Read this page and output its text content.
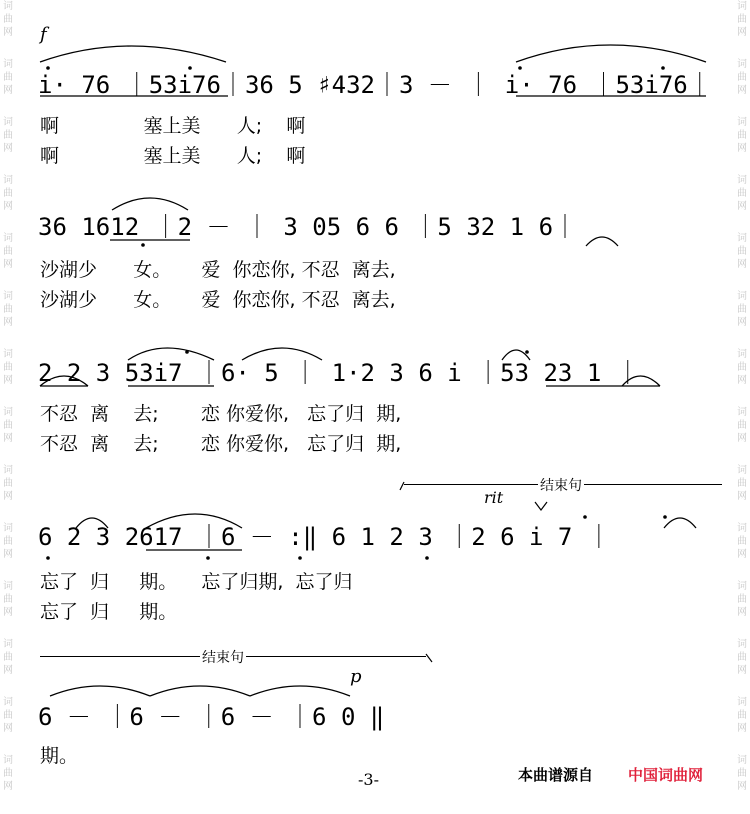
词
曲
网

词
曲
网

词
曲
网

词
曲
网

词
曲
网

词
曲
网

词
曲
网

词
曲
网

词
曲
网

词
曲
网

词
曲
网

词
曲
网

词
曲
网

词
曲
网

词
曲
网

词
曲
网

词
曲
网

词
曲
网

词
曲
网

词
曲
网

词
曲
网

词
曲
网

词
曲
网

词
曲
网

词
曲
网

词
曲
网

词
曲
网

词
曲
网

f
i· 76 ｜53i76｜36 5 ♯432｜3 － ｜ i· 76 ｜53i76｜
啊              塞上美      人;    啊
啊              塞上美      人;    啊
36 1612 ｜2 － ｜ 3 05 6 6 ｜5 32 1 6｜
沙湖少      女。     爱  你恋你, 不忍  离去,
沙湖少      女。     爱  你恋你, 不忍  离去,
2 2 3 53i7 ｜6· 5 ｜ 1·2 3 6 i ｜53 23 1 ｜
不忍  离    去;       恋 你爱你,   忘了归  期,
不忍  离    去;       恋 你爱你,   忘了归  期,
结束句
rit
6 2 3 2617 ｜6 － :‖ 6 1 2 3 ｜2 6 i 7 ｜
忘了  归     期。    忘了归期,  忘了归
忘了  归     期。
结束句
p
6 － ｜6 － ｜6 － ｜6 0 ‖
期。
-3-	本曲谱源自 中国词曲网
